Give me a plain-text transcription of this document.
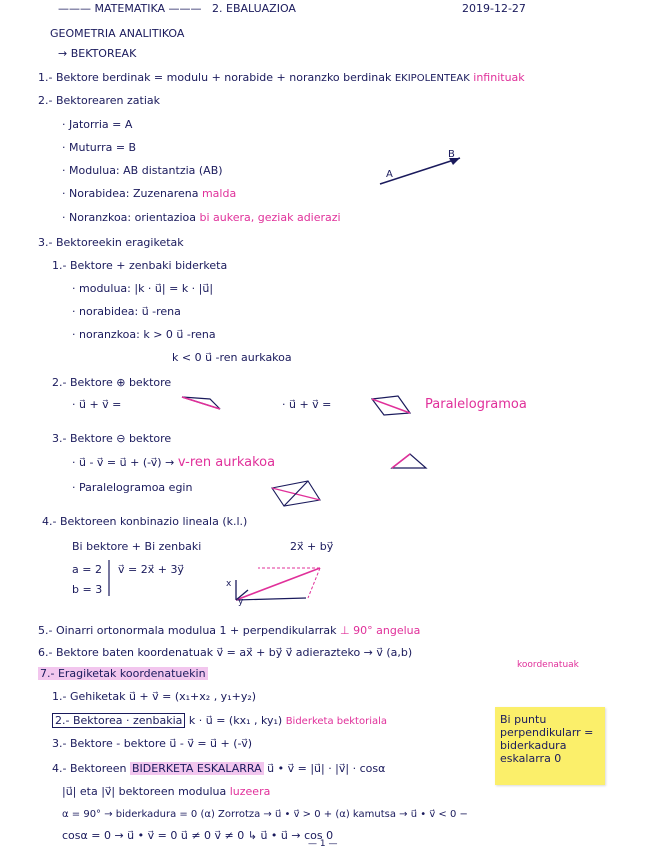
——— MATEMATIKA ——— 2. EBALUAZIOA	2019-12-27
GEOMETRIA ANALITIKOA
→ BEKTOREAK
1.- Bektore berdinak = modulu + norabide + noranzko berdinak EKIPOLENTEAK infinituak
2.- Bektorearen zatiak
· Jatorria = A
· Muturra = B
· Modulua: AB distantzia (AB)
· Norabidea: Zuzenarena malda
· Noranzkoa: orientazioa bi aukera, geziak adierazi
A
B
3.- Bektoreekin eragiketak
1.- Bektore + zenbaki biderketa
· modulua: |k · u⃗| = k · |u⃗|
· norabidea: u⃗ -rena
· noranzkoa: k > 0 u⃗ -rena
k < 0 u⃗ -ren aurkakoa
2.- Bektore ⊕ bektore
· u⃗ + v⃗ =	· u⃗ + v⃗ =	Paralelogramoa
3.- Bektore ⊖ bektore
· u⃗ - v⃗ = u⃗ + (-v⃗) → v-ren aurkakoa
· Paralelogramoa egin
4.- Bektoreen konbinazio lineala (k.l.)
Bi bektore + Bi zenbaki	2x⃗ + by⃗
a = 2
b = 3
v⃗ = 2x⃗ + 3y⃗
x
y
5.- Oinarri ortonormala modulua 1 + perpendikularrak ⊥ 90° angelua
6.- Bektore baten koordenatuak v⃗ = ax⃗ + by⃗ v⃗ adierazteko → v⃗ (a,b)
koordenatuak
7.- Eragiketak koordenatuekin
1.- Gehiketak u⃗ + v⃗ = (x₁+x₂ , y₁+y₂)
2.- Bektorea · zenbakia k · u⃗ = (kx₁ , ky₁) Biderketa bektoriala
3.- Bektore - bektore u⃗ - v⃗ = u⃗ + (-v⃗)
4.- Bektoreen BIDERKETA ESKALARRA u⃗ • v⃗ = |u⃗| · |v⃗| · cosα
|u⃗| eta |v⃗| bektoreen modulua luzeera
α = 90° → biderkadura = 0 (α) Zorrotza → u⃗ • v⃗ > 0 + (α) kamutsa → u⃗ • v⃗ < 0 −
cosα = 0 → u⃗ • v⃗ = 0 u⃗ ≠ 0 v⃗ ≠ 0 ↳ u⃗ • u⃗ → cos 0
Bi puntu
perpendikularr =
biderkadura
eskalarra 0
— 1 —
